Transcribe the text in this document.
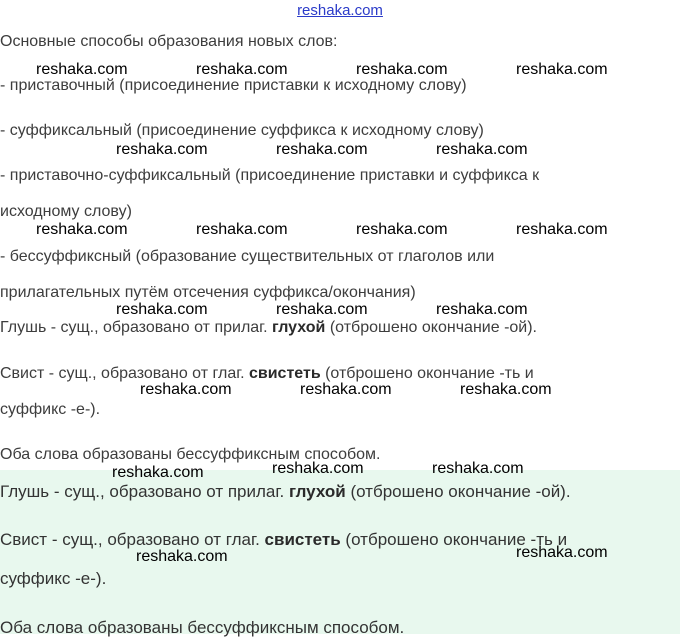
reshaka.com
Основные способы образования новых слов:
- приставочный (присоединение приставки к исходному слову)
- суффиксальный (присоединение суффикса к исходному слову)
- приставочно-суффиксальный (присоединение приставки и суффикса к
исходному слову)
- бессуффиксный (образование существительных от глаголов или
прилагательных путём отсечения суффикса/окончания)
Глушь - сущ., образовано от прилаг. глухой (отброшено окончание -ой).
Свист - сущ., образовано от глаг. свистеть (отброшено окончание -ть и
суффикс -е-).
Оба слова образованы бессуффиксным способом.
Глушь - сущ., образовано от прилаг. глухой (отброшено окончание -ой).
Свист - сущ., образовано от глаг. свистеть (отброшено окончание -ть и
суффикс -е-).
Оба слова образованы бессуффиксным способом.
reshaka.com	reshaka.com	reshaka.com	reshaka.com
reshaka.com	reshaka.com	reshaka.com
reshaka.com	reshaka.com	reshaka.com	reshaka.com
reshaka.com	reshaka.com	reshaka.com
reshaka.com	reshaka.com	reshaka.com
reshaka.com	reshaka.com	reshaka.com
reshaka.com	reshaka.com
